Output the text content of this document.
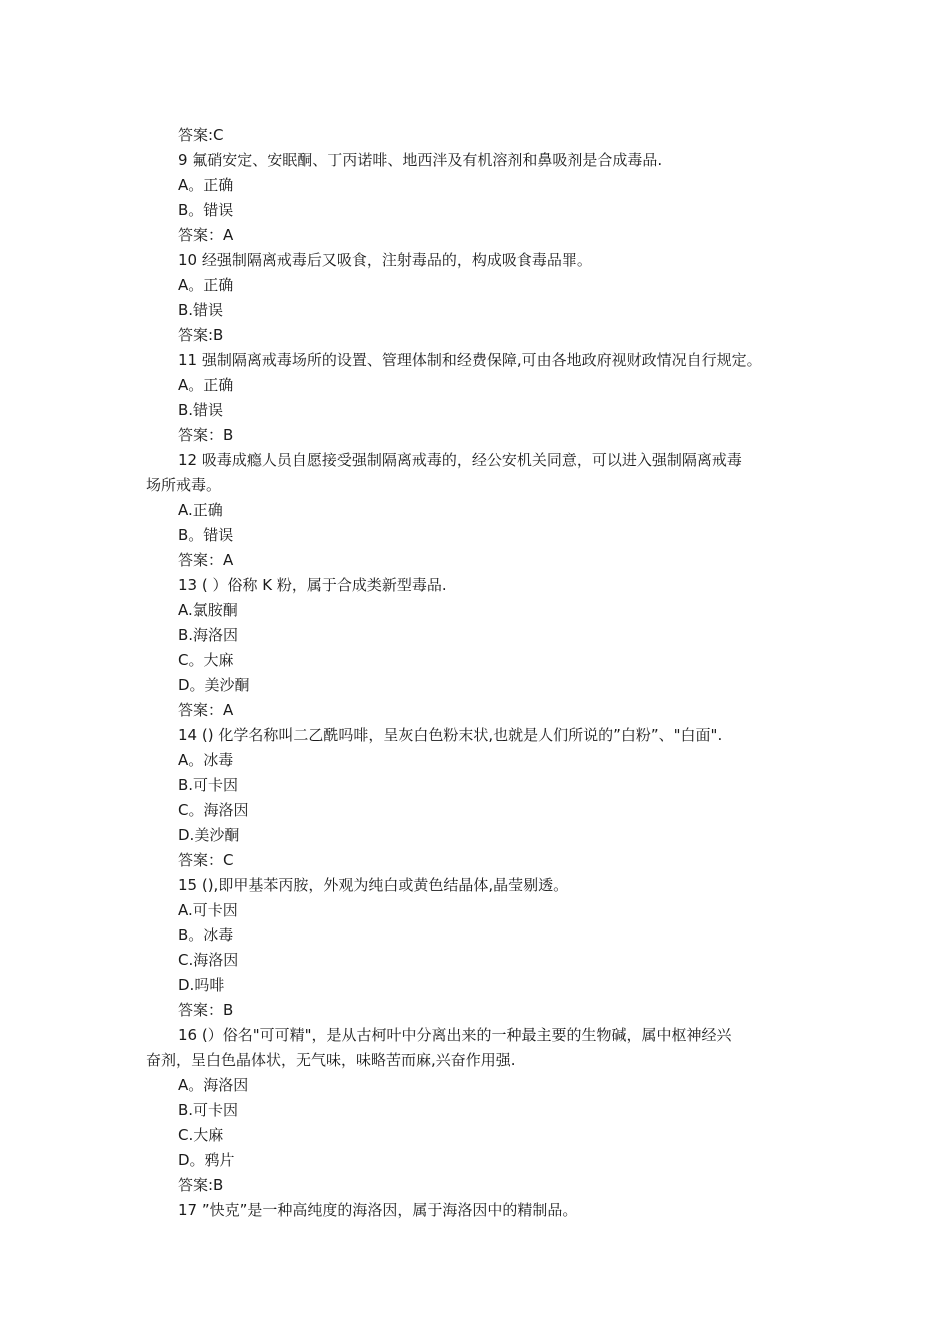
答案:C
9 氟硝安定、安眠酮、丁丙诺啡、地西泮及有机溶剂和鼻吸剂是合成毒品.
A。正确
B。错误
答案：A
10 经强制隔离戒毒后又吸食，注射毒品的，构成吸食毒品罪。
A。正确
B.错误
答案:B
11 强制隔离戒毒场所的设置、管理体制和经费保障,可由各地政府视财政情况自行规定。
A。正确
B.错误
答案：B
12 吸毒成瘾人员自愿接受强制隔离戒毒的，经公安机关同意，可以进入强制隔离戒毒
场所戒毒。
A.正确
B。错误
答案：A
13 ( ）俗称 K 粉，属于合成类新型毒品.
A.氯胺酮
B.海洛因
C。大麻
D。美沙酮
答案：A
14 () 化学名称叫二乙酰吗啡，呈灰白色粉末状,也就是人们所说的”白粉”、"白面".
A。冰毒
B.可卡因
C。海洛因
D.美沙酮
答案：C
15 (),即甲基苯丙胺，外观为纯白或黄色结晶体,晶莹剔透。
A.可卡因
B。冰毒
C.海洛因
D.吗啡
答案：B
16 (）俗名"可可精"，是从古柯叶中分离出来的一种最主要的生物碱，属中枢神经兴
奋剂，呈白色晶体状，无气味，味略苦而麻,兴奋作用强.
A。海洛因
B.可卡因
C.大麻
D。鸦片
答案:B
17 ”快克”是一种高纯度的海洛因，属于海洛因中的精制品。
